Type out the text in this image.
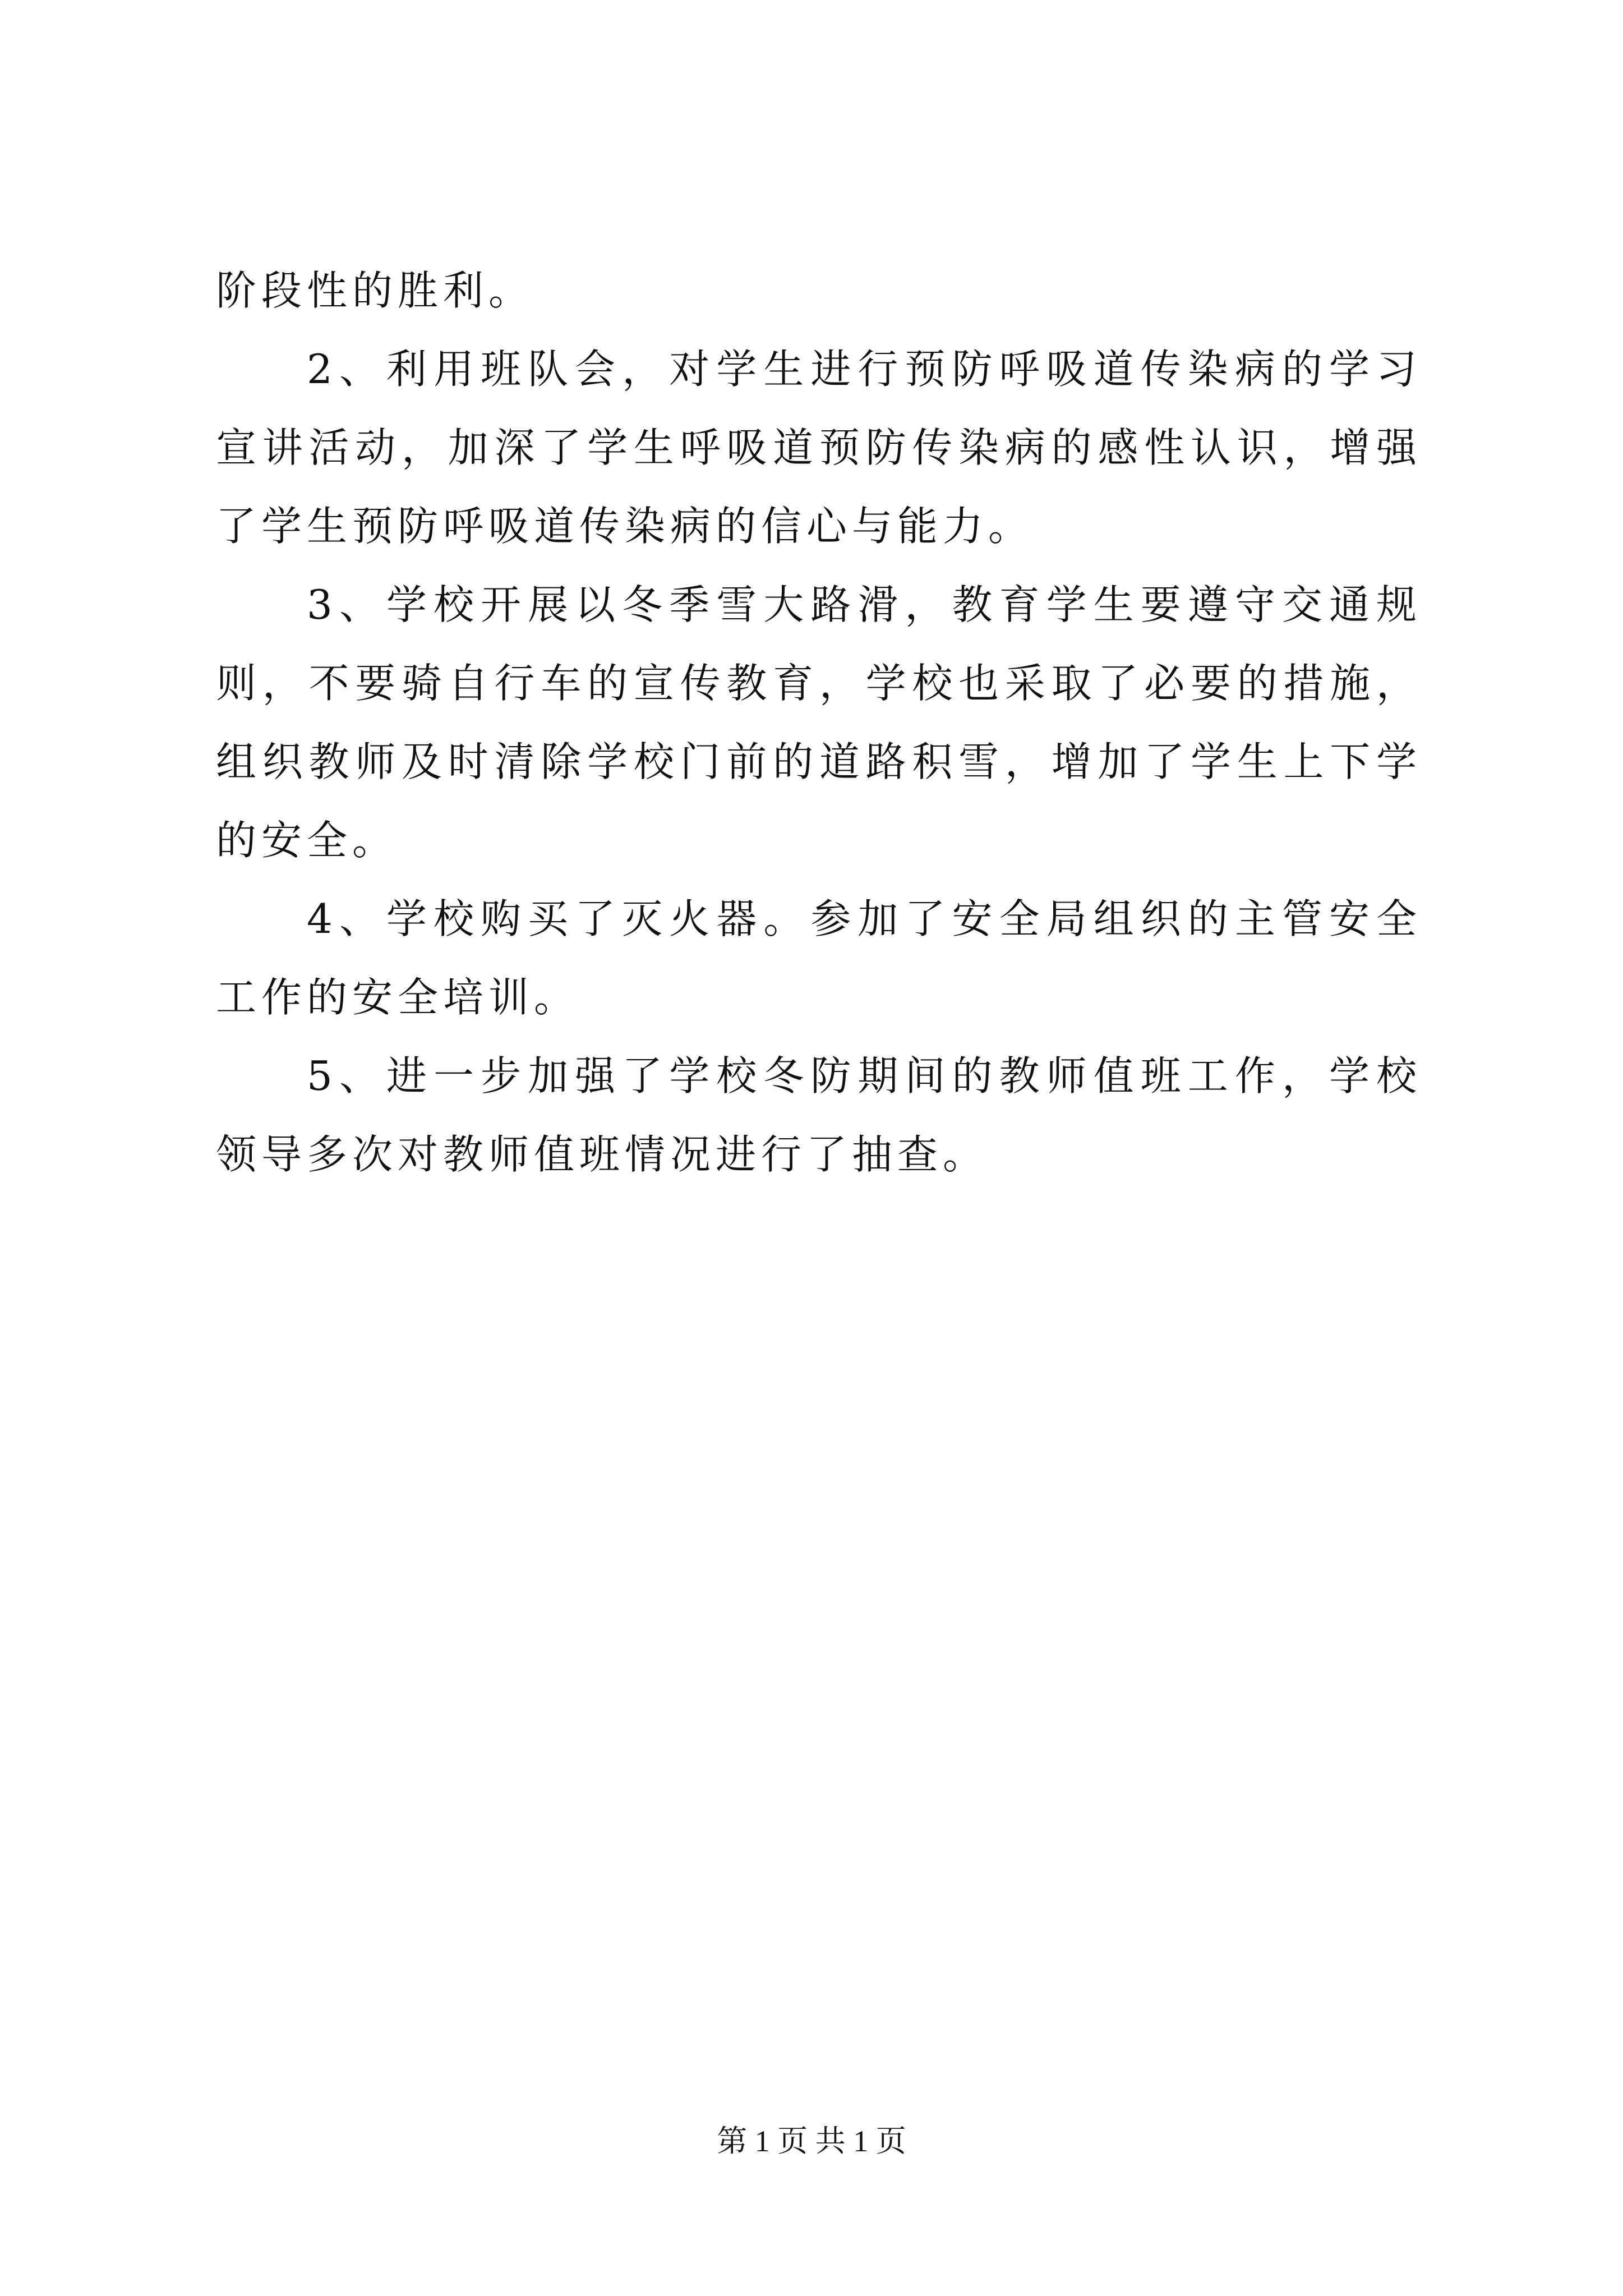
阶段性的胜利。

2、利用班队会，对学生进行预防呼吸道传染病的学习宣讲活动，加深了学生呼吸道预防传染病的感性认识，增强了学生预防呼吸道传染病的信心与能力。

3、学校开展以冬季雪大路滑，教育学生要遵守交通规则，不要骑自行车的宣传教育，学校也采取了必要的措施，组织教师及时清除学校门前的道路积雪，增加了学生上下学的安全。

4、学校购买了灭火器。参加了安全局组织的主管安全工作的安全培训。

5、进一步加强了学校冬防期间的教师值班工作，学校领导多次对教师值班情况进行了抽查。

第 1 页 共 1 页
